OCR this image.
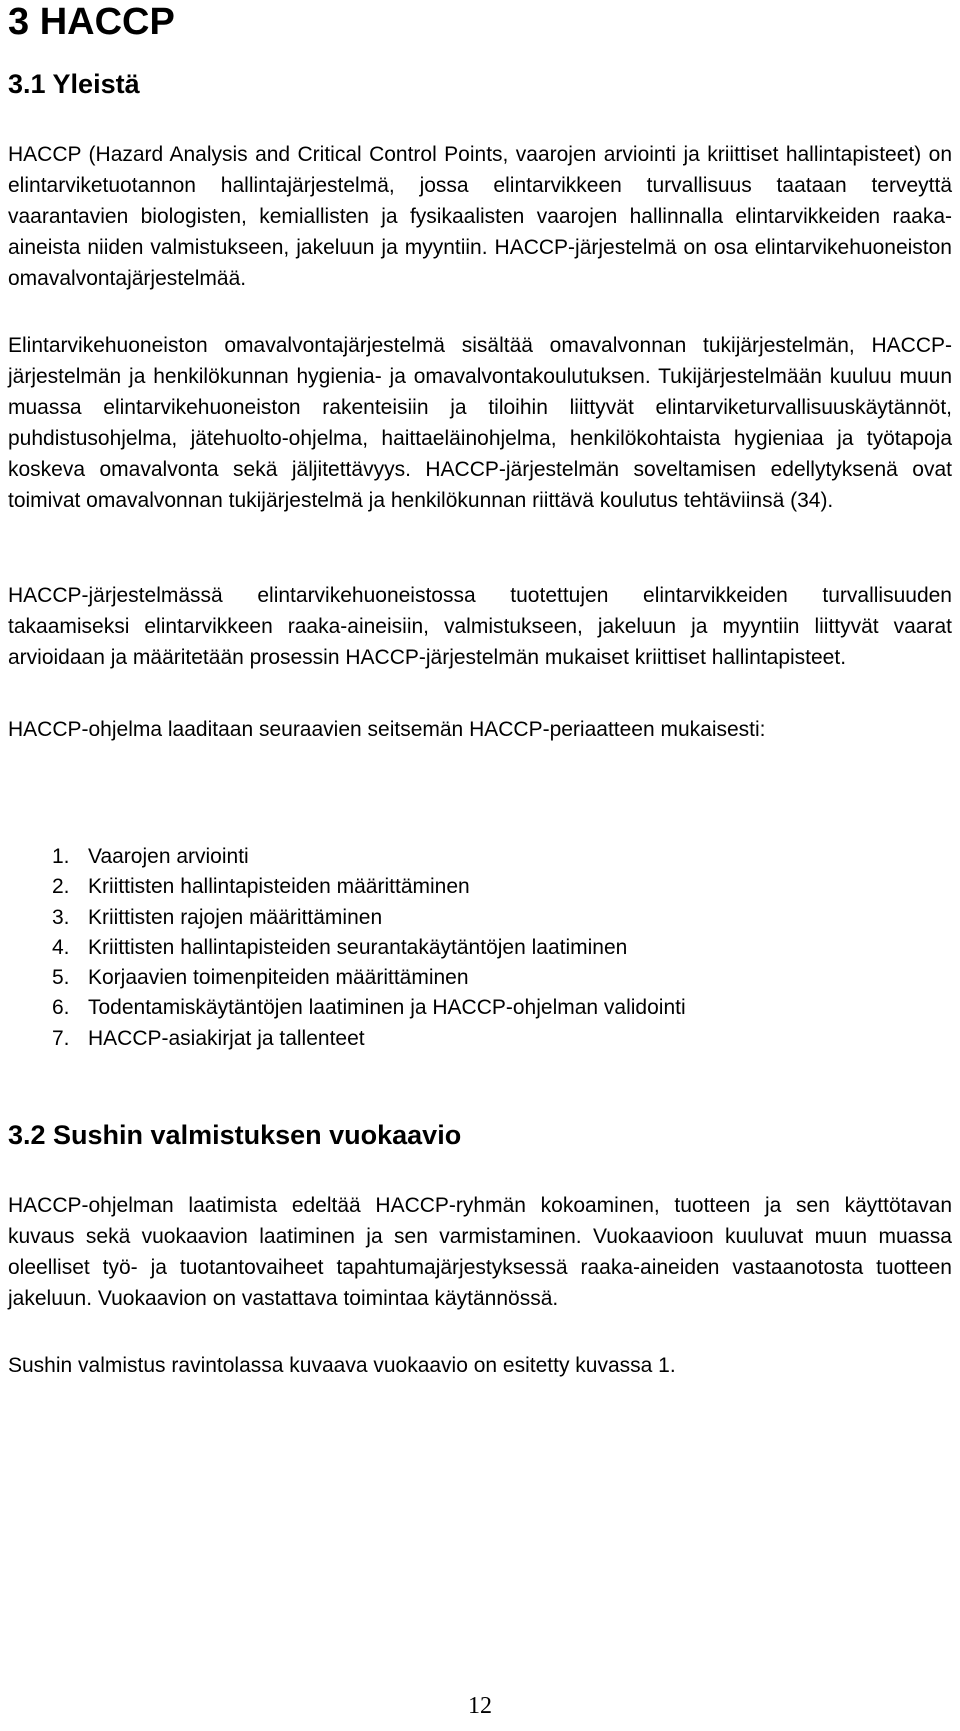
3 HACCP
3.1 Yleistä

HACCP (Hazard Analysis and Critical Control Points, vaarojen arviointi ja kriittiset hallintapisteet) on elintarviketuotannon hallintajärjestelmä, jossa elintarvikkeen turvallisuus taataan terveyttä vaarantavien biologisten, kemiallisten ja fysikaalisten vaarojen hallinnalla elintarvikkeiden raaka-aineista niiden valmistukseen, jakeluun ja myyntiin. HACCP-järjestelmä on osa elintarvikehuoneiston omavalvontajärjestelmää.

Elintarvikehuoneiston omavalvontajärjestelmä sisältää omavalvonnan tukijärjestelmän, HACCP-järjestelmän ja henkilökunnan hygienia- ja omavalvontakoulutuksen. Tukijärjestelmään kuuluu muun muassa elintarvikehuoneiston rakenteisiin ja tiloihin liittyvät elintarviketurvallisuuskäytännöt, puhdistusohjelma, jätehuolto-ohjelma, haittaeläinohjelma, henkilökohtaista hygieniaa ja työtapoja koskeva omavalvonta sekä jäljitettävyys. HACCP-järjestelmän soveltamisen edellytyksenä ovat toimivat omavalvonnan tukijärjestelmä ja henkilökunnan riittävä koulutus tehtäviinsä (34).

HACCP-järjestelmässä elintarvikehuoneistossa tuotettujen elintarvikkeiden turvallisuuden takaamiseksi elintarvikkeen raaka-aineisiin, valmistukseen, jakeluun ja myyntiin liittyvät vaarat arvioidaan ja määritetään prosessin HACCP-järjestelmän mukaiset kriittiset hallintapisteet.

HACCP-ohjelma laaditaan seuraavien seitsemän HACCP-periaatteen mukaisesti:

1. Vaarojen arviointi
2. Kriittisten hallintapisteiden määrittäminen
3. Kriittisten rajojen määrittäminen
4. Kriittisten hallintapisteiden seurantakäytäntöjen laatiminen
5. Korjaavien toimenpiteiden määrittäminen
6. Todentamiskäytäntöjen laatiminen ja HACCP-ohjelman validointi
7. HACCP-asiakirjat ja tallenteet
3.2 Sushin valmistuksen vuokaavio

HACCP-ohjelman laatimista edeltää HACCP-ryhmän kokoaminen, tuotteen ja sen käyttötavan kuvaus sekä vuokaavion laatiminen ja sen varmistaminen. Vuokaavioon kuuluvat muun muassa oleelliset työ- ja tuotantovaiheet tapahtumajärjestyksessä raaka-aineiden vastaanotosta tuotteen jakeluun. Vuokaavion on vastattava toimintaa käytännössä.

Sushin valmistus ravintolassa kuvaava vuokaavio on esitetty kuvassa 1.

12
